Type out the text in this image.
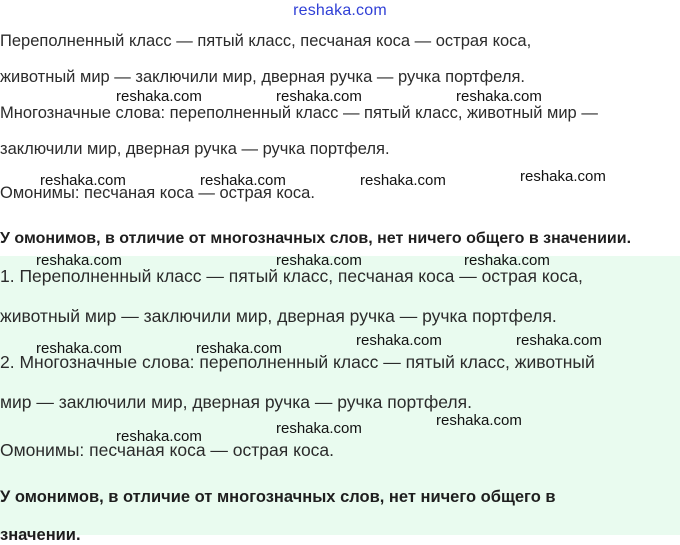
reshaka.com

Переполненный класс — пятый класс, песчаная коса — острая коса,

животный мир — заключили мир, дверная ручка — ручка портфеля.

Многозначные слова: переполненный класс — пятый класс, животный мир —

заключили мир, дверная ручка — ручка портфеля.

Омонимы: песчаная коса — острая коса.

У омонимов, в отличие от многозначных слов, нет ничего общего в значениии.

1. Переполненный класс — пятый класс, песчаная коса — острая коса,

животный мир — заключили мир, дверная ручка — ручка портфеля.

2. Многозначные слова: переполненный класс — пятый класс, животный

мир — заключили мир, дверная ручка — ручка портфеля.

Омонимы: песчаная коса — острая коса.

У омонимов, в отличие от многозначных слов, нет ничего общего в

значении.

reshaka.com	reshaka.com	reshaka.com
reshaka.com	reshaka.com	reshaka.com	reshaka.com
reshaka.com	reshaka.com	reshaka.com
reshaka.com	reshaka.com	reshaka.com	reshaka.com
reshaka.com	reshaka.com	reshaka.com
